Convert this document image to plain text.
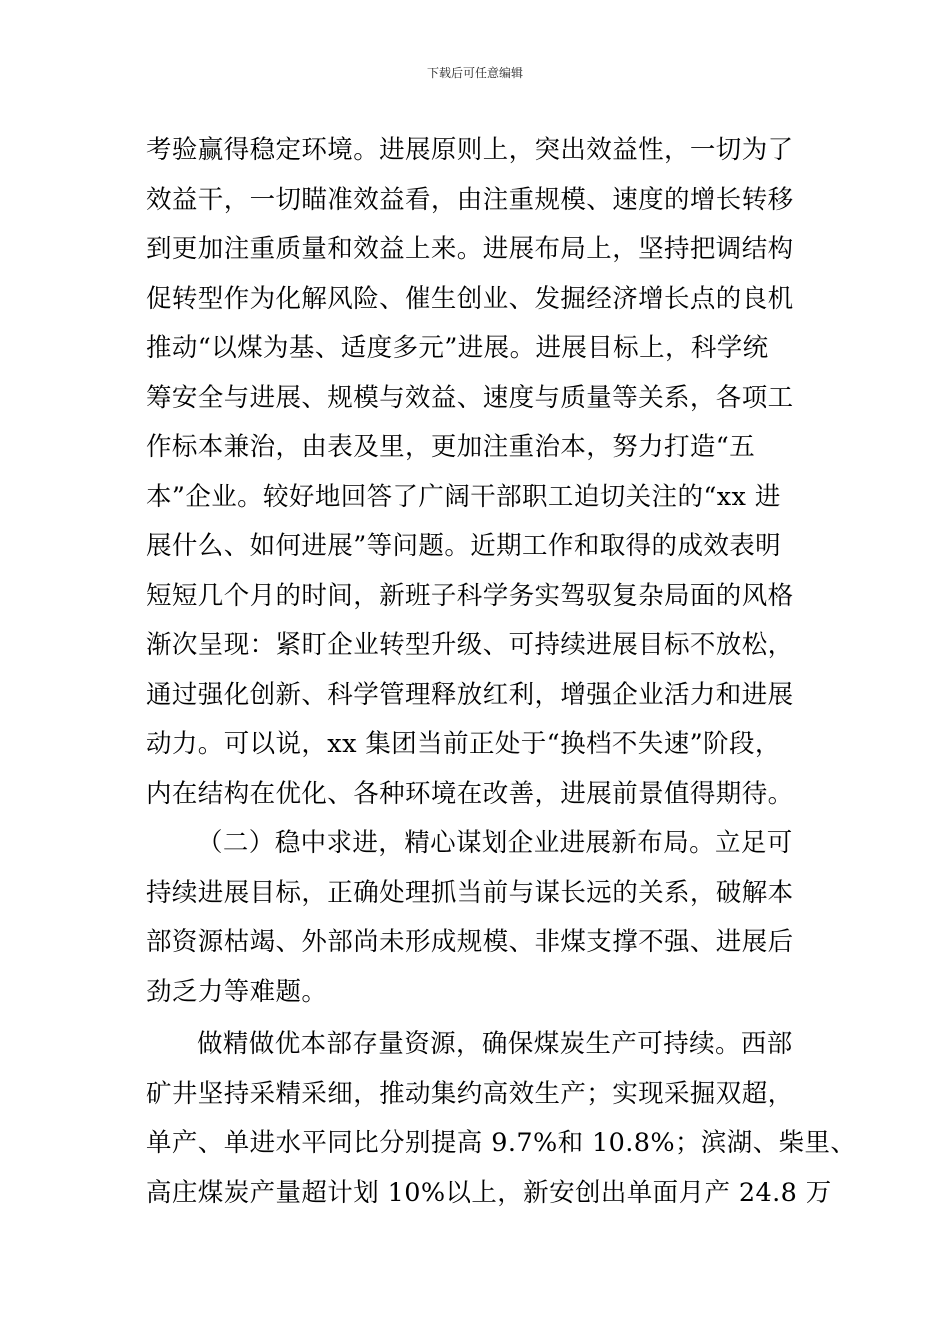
下载后可任意编辑
考验赢得稳定环境。进展原则上，突出效益性，一切为了
效益干，一切瞄准效益看，由注重规模、速度的增长转移
到更加注重质量和效益上来。进展布局上，坚持把调结构
促转型作为化解风险、催生创业、发掘经济增长点的良机
推动“以煤为基、适度多元”进展。进展目标上，科学统
筹安全与进展、规模与效益、速度与质量等关系，各项工
作标本兼治，由表及里，更加注重治本，努力打造“五
本”企业。较好地回答了广阔干部职工迫切关注的“xx 进
展什么、如何进展”等问题。近期工作和取得的成效表明
短短几个月的时间，新班子科学务实驾驭复杂局面的风格
渐次呈现：紧盯企业转型升级、可持续进展目标不放松，
通过强化创新、科学管理释放红利，增强企业活力和进展
动力。可以说，xx 集团当前正处于“换档不失速”阶段，
内在结构在优化、各种环境在改善，进展前景值得期待。
（二）稳中求进，精心谋划企业进展新布局。立足可
持续进展目标，正确处理抓当前与谋长远的关系，破解本
部资源枯竭、外部尚未形成规模、非煤支撑不强、进展后
劲乏力等难题。
做精做优本部存量资源，确保煤炭生产可持续。西部
矿井坚持采精采细，推动集约高效生产；实现采掘双超，
单产、单进水平同比分别提高 9.7%和 10.8%；滨湖、柴里、
高庄煤炭产量超计划 10%以上，新安创出单面月产 24.8 万
